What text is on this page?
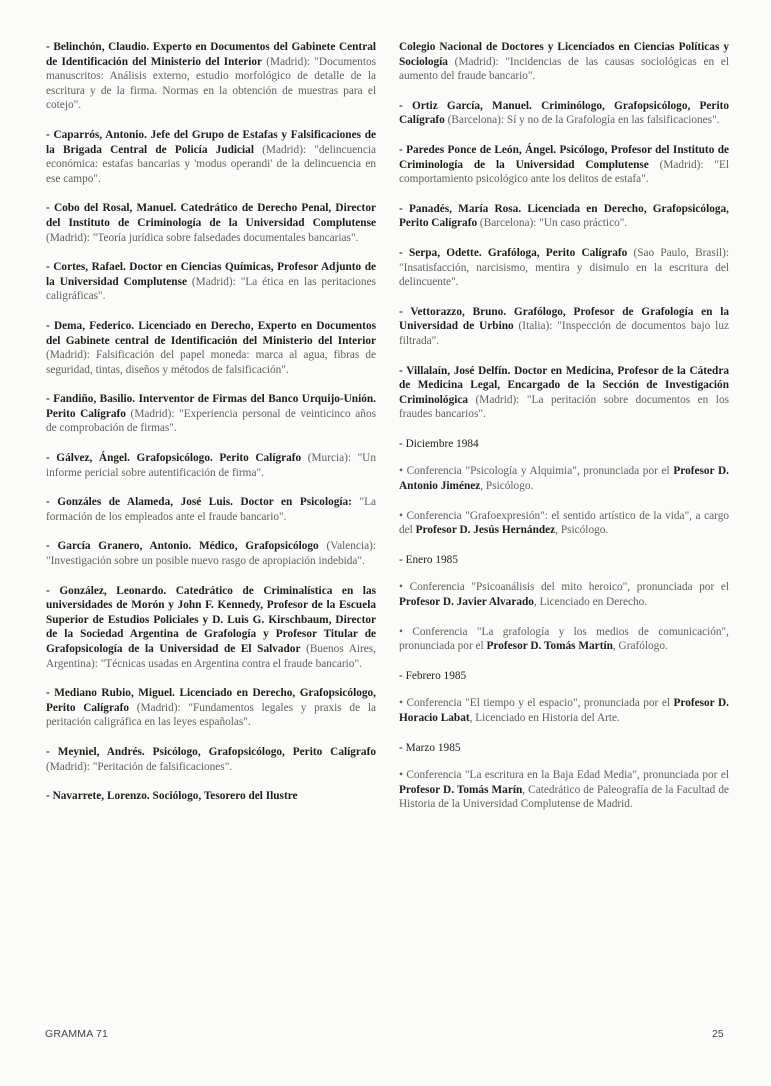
- Belinchón, Claudio. Experto en Documentos del Gabinete Central de Identificación del Ministerio del Interior (Madrid): "Documentos manuscritos: Análisis externo, estudio morfológico de detalle de la escritura y de la firma. Normas en la obtención de muestras para el cotejo".

- Caparrós, Antonio. Jefe del Grupo de Estafas y Falsificaciones de la Brigada Central de Policía Judicial (Madrid): "delincuencia económica: estafas bancarias y 'modus operandi' de la delincuencia en ese campo".

- Cobo del Rosal, Manuel. Catedrático de Derecho Penal, Director del Instituto de Criminología de la Universidad Complutense (Madrid): "Teoría jurídica sobre falsedades documentales bancarias".

- Cortes, Rafael. Doctor en Ciencias Químicas, Profesor Adjunto de la Universidad Complutense (Madrid): "La ética en las peritaciones caligráficas".

- Dema, Federico. Licenciado en Derecho, Experto en Documentos del Gabinete central de Identificación del Ministerio del Interior (Madrid): Falsificación del papel moneda: marca al agua, fibras de seguridad, tintas, diseños y métodos de falsificación".

- Fandiño, Basilio. Interventor de Firmas del Banco Urquijo-Unión. Perito Calígrafo (Madrid): "Experiencia personal de veinticinco años de comprobación de firmas".

- Gálvez, Ángel. Grafopsicólogo. Perito Calígrafo (Murcia): "Un informe pericial sobre autentificación de firma".

- Gonzáles de Alameda, José Luis. Doctor en Psicología: "La formación de los empleados ante el fraude bancario".

- García Granero, Antonio. Médico, Grafopsicólogo (Valencia): "Investigación sobre un posible nuevo rasgo de apropiación indebida".

- González, Leonardo. Catedrático de Criminalística en las universidades de Morón y John F. Kennedy, Profesor de la Escuela Superior de Estudios Policiales y D. Luis G. Kirschbaum, Director de la Sociedad Argentina de Grafología y Profesor Titular de Grafopsicología de la Universidad de El Salvador (Buenos Aires, Argentina): "Técnicas usadas en Argentina contra el fraude bancario".

- Mediano Rubio, Miguel. Licenciado en Derecho, Grafopsicólogo, Perito Calígrafo (Madrid): "Fundamentos legales y praxis de la peritación caligráfica en las leyes españolas".

- Meyniel, Andrés. Psicólogo, Grafopsicólogo, Perito Calígrafo (Madrid): "Peritación de falsificaciones".

- Navarrete, Lorenzo. Sociólogo, Tesorero del Ilustre

Colegio Nacional de Doctores y Licenciados en Ciencias Políticas y Sociología (Madrid): "Incidencias de las causas sociológicas en el aumento del fraude bancario".

- Ortiz García, Manuel. Criminólogo, Grafopsicólogo, Perito Calígrafo (Barcelona): Sí y no de la Grafología en las falsificaciones".

- Paredes Ponce de León, Ángel. Psicólogo, Profesor del Instituto de Criminología de la Universidad Complutense (Madrid): "El comportamiento psicológico ante los delitos de estafa".

- Panadés, María Rosa. Licenciada en Derecho, Grafopsicóloga, Perito Calígrafo (Barcelona): "Un caso práctico".

- Serpa, Odette. Grafóloga, Perito Calígrafo (Sao Paulo, Brasil): "Insatisfacción, narcisismo, mentira y disimulo en la escritura del delincuente".

- Vettorazzo, Bruno. Grafólogo, Profesor de Grafología en la Universidad de Urbino (Italia): "Inspección de documentos bajo luz filtrada".

- Villalaín, José Delfín. Doctor en Medicina, Profesor de la Cátedra de Medicina Legal, Encargado de la Sección de Investigación Criminológica (Madrid): "La peritación sobre documentos en los fraudes bancarios".

- Diciembre 1984

• Conferencia "Psicología y Alquimia", pronunciada por el Profesor D. Antonio Jiménez, Psicólogo.

• Conferencia "Grafoexpresión": el sentido artístico de la vida", a cargo del Profesor D. Jesús Hernández, Psicólogo.

- Enero 1985

• Conferencia "Psicoanálisis del mito heroico", pronunciada por el Profesor D. Javier Alvarado, Licenciado en Derecho.

• Conferencia "La grafología y los medios de comunicación", pronunciada por el Profesor D. Tomás Martín, Grafólogo.

- Febrero 1985

• Conferencia "El tiempo y el espacio", pronunciada por el Profesor D. Horacio Labat, Licenciado en Historia del Arte.

- Marzo 1985

• Conferencia "La escritura en la Baja Edad Media", pronunciada por el Profesor D. Tomás Marín, Catedrático de Paleografía de la Facultad de Historia de la Universidad Complutense de Madrid.

GRAMMA 71	25
